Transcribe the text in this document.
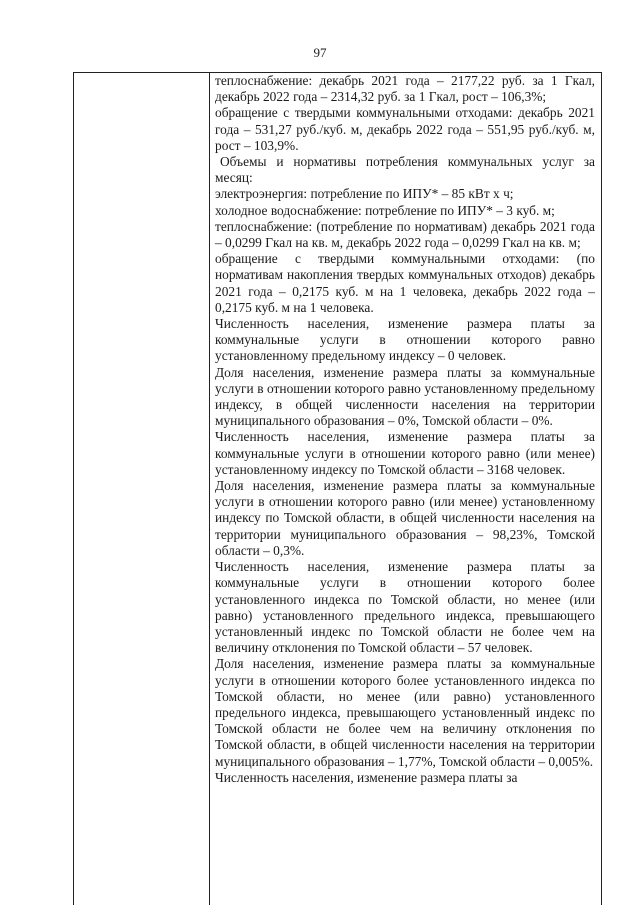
97

теплоснабжение: декабрь 2021 года – 2177,22 руб. за 1 Гкал, декабрь 2022 года – 2314,32 руб. за 1 Гкал, рост – 106,3%;

обращение с твердыми коммунальными отходами: декабрь 2021 года – 531,27 руб./куб. м, декабрь 2022 года – 551,95 руб./куб. м, рост – 103,9%.

Объемы и нормативы потребления коммунальных услуг за месяц:

электроэнергия: потребление по ИПУ* – 85 кВт х ч;

холодное водоснабжение: потребление по ИПУ* – 3 куб. м;

теплоснабжение: (потребление по нормативам) декабрь 2021 года – 0,0299 Гкал на кв. м, декабрь 2022 года – 0,0299 Гкал на кв. м;

обращение с твердыми коммунальными отходами: (по нормативам накопления твердых коммунальных отходов) декабрь 2021 года – 0,2175 куб. м на 1 человека, декабрь 2022 года – 0,2175 куб. м на 1 человека.

Численность населения, изменение размера платы за коммунальные услуги в отношении которого равно установленному предельному индексу – 0 человек.

Доля населения, изменение размера платы за коммунальные услуги в отношении которого равно установленному предельному индексу, в общей численности населения на территории муниципального образования – 0%, Томской области – 0%.

Численность населения, изменение размера платы за коммунальные услуги в отношении которого равно (или менее) установленному индексу по Томской области – 3168 человек.

Доля населения, изменение размера платы за коммунальные услуги в отношении которого равно (или менее) установленному индексу по Томской области, в общей численности населения на территории муниципального образования – 98,23%, Томской области – 0,3%.

Численность населения, изменение размера платы за коммунальные услуги в отношении которого более установленного индекса по Томской области, но менее (или равно) установленного предельного индекса, превышающего установленный индекс по Томской области не более чем на величину отклонения по Томской области – 57 человек.

Доля населения, изменение размера платы за коммунальные услуги в отношении которого более установленного индекса по Томской области, но менее (или равно) установленного предельного индекса, превышающего установленный индекс по Томской области не более чем на величину отклонения по Томской области, в общей численности населения на территории муниципального образования – 1,77%, Томской области – 0,005%.

Численность населения, изменение размера платы за
